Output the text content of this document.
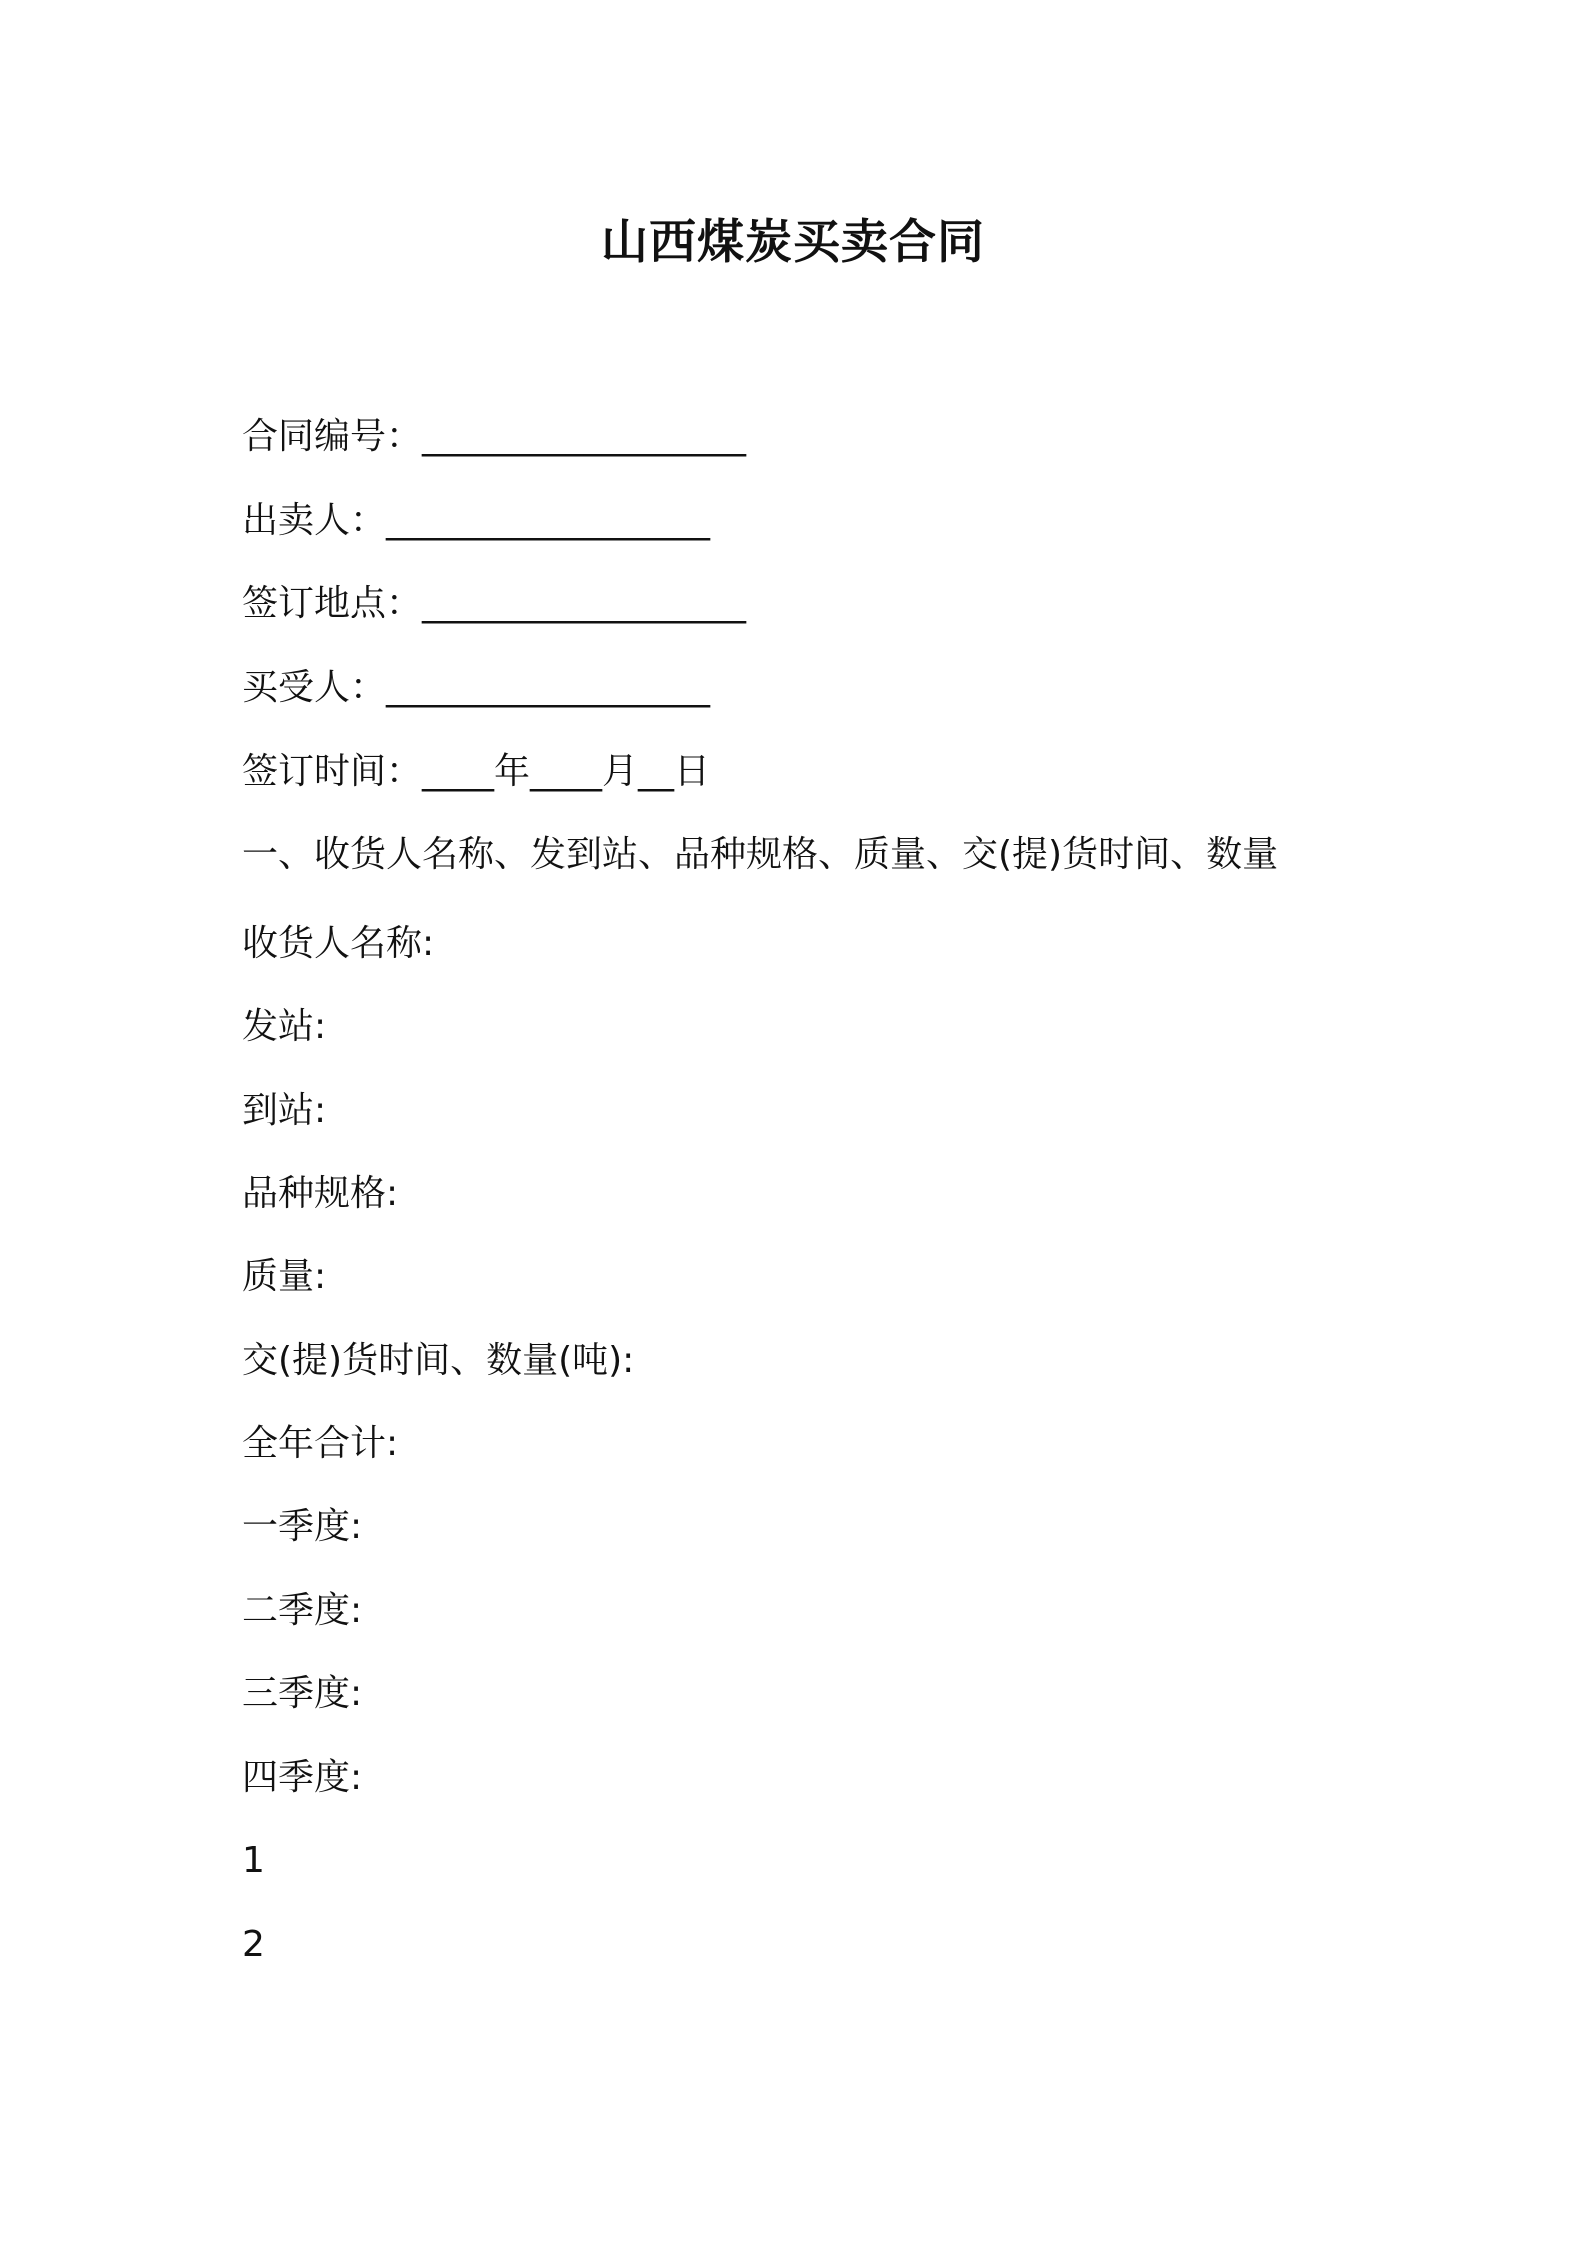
山西煤炭买卖合同
合同编号：__________________
出卖人：__________________
签订地点：__________________
买受人：__________________
签订时间：____年____月__日
一、收货人名称、发到站、品种规格、质量、交(提)货时间、数量
收货人名称:
发站:
到站:
品种规格:
质量:
交(提)货时间、数量(吨):
全年合计:
一季度:
二季度:
三季度:
四季度:
1
2
